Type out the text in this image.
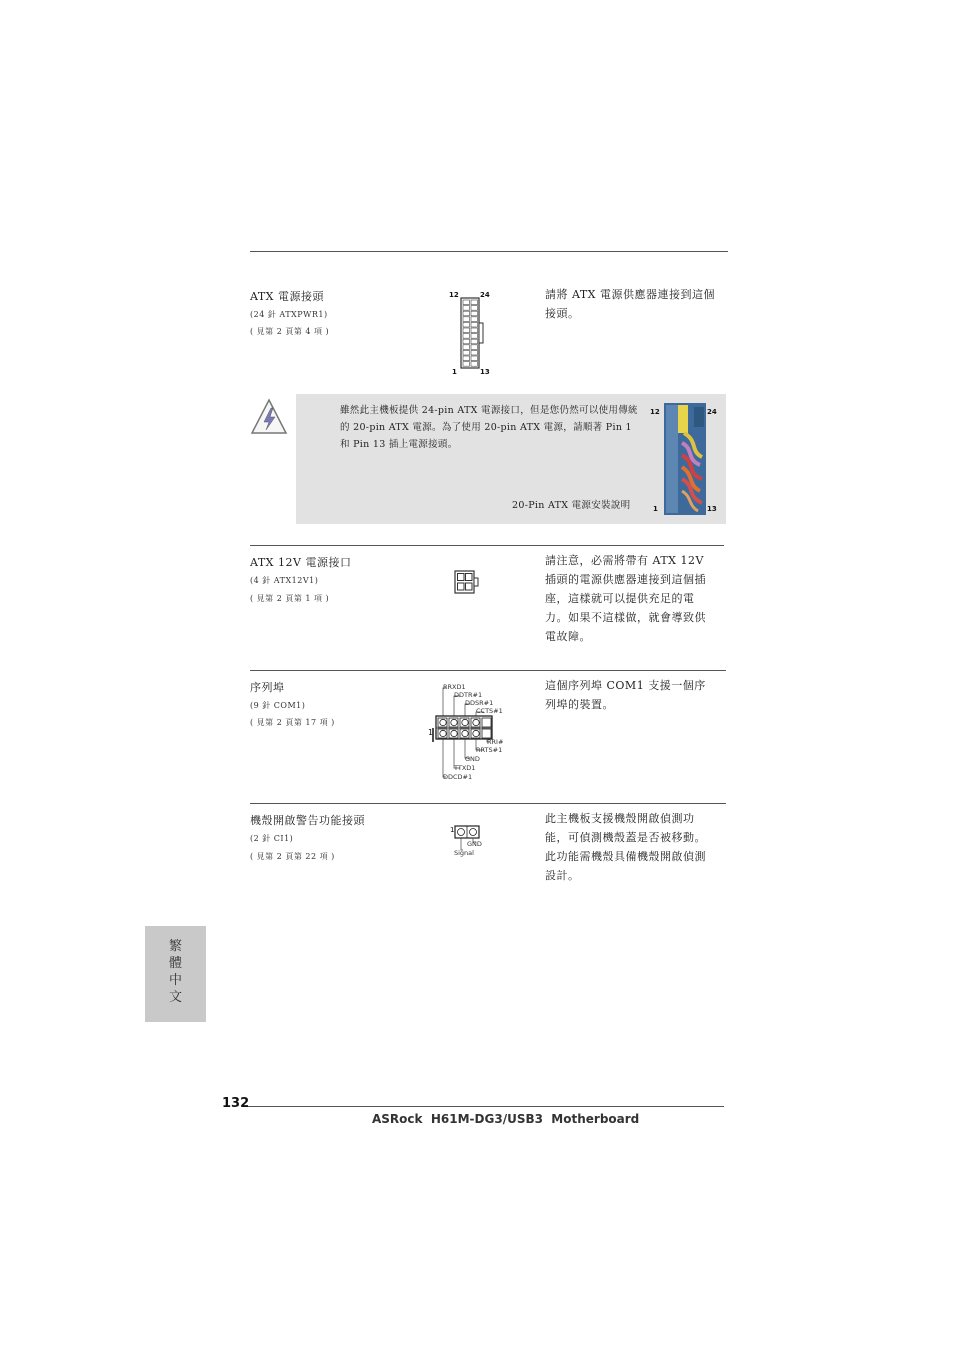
ATX 電源接頭
(24 針 ATXPWR1)
( 見第 2 頁第 4 項 )
12	24
1	13
請將 ATX 電源供應器連接到這個接頭。
雖然此主機板提供 24-pin ATX 電源接口，但是您仍然可以使用傳統的 20-pin ATX 電源。為了使用 20-pin ATX 電源，請順著 Pin 1 和 Pin 13 插上電源接頭。
20-Pin ATX 電源安裝說明
12	24
1	13
ATX 12V 電源接口
(4 針 ATX12V1)
( 見第 2 頁第 1 項 )
請注意，必需將帶有 ATX 12V 插頭的電源供應器連接到這個插座，這樣就可以提供充足的電力。如果不這樣做，就會導致供電故障。
序列埠
(9 針 COM1)
( 見第 2 頁第 17 項 )
1
RRXD1
DDTR#1
DDSR#1
CCTS#1
RRI#
RRTS#1
GND
TTXD1
DDCD#1
這個序列埠 COM1 支援一個序列埠的裝置。
機殼開啟警告功能接頭
(2 針 CI1)
( 見第 2 頁第 22 項 )
1
GND
Signal
此主機板支援機殼開啟偵測功能，可偵測機殼蓋是否被移動。此功能需機殼具備機殼開啟偵測設計。
繁體中文
132
ASRock  H61M-DG3/USB3  Motherboard
